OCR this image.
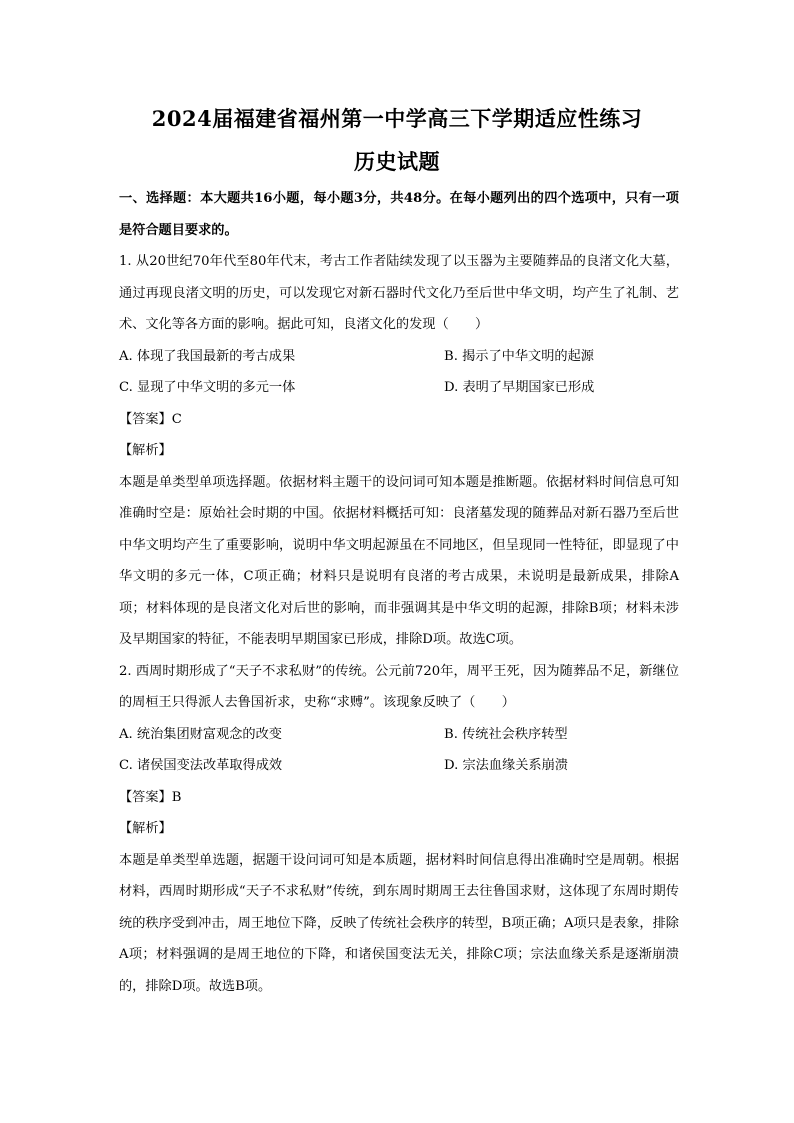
2024届福建省福州第一中学高三下学期适应性练习
历史试题

一、选择题：本大题共16小题，每小题3分，共48分。在每小题列出的四个选项中，只有一项是符合题目要求的。

1. 从20世纪70年代至80年代末，考古工作者陆续发现了以玉器为主要随葬品的良渚文化大墓，通过再现良渚文明的历史，可以发现它对新石器时代文化乃至后世中华文明，均产生了礼制、艺术、文化等各方面的影响。据此可知，良渚文化的发现（　　）

A. 体现了我国最新的考古成果	B. 揭示了中华文明的起源
C. 显现了中华文明的多元一体	D. 表明了早期国家已形成

【答案】C

【解析】

本题是单类型单项选择题。依据材料主题干的设问词可知本题是推断题。依据材料时间信息可知准确时空是：原始社会时期的中国。依据材料概括可知：良渚墓发现的随葬品对新石器乃至后世中华文明均产生了重要影响，说明中华文明起源虽在不同地区，但呈现同一性特征，即显现了中华文明的多元一体，C项正确；材料只是说明有良渚的考古成果，未说明是最新成果，排除A项；材料体现的是良渚文化对后世的影响，而非强调其是中华文明的起源，排除B项；材料未涉及早期国家的特征，不能表明早期国家已形成，排除D项。故选C项。

2. 西周时期形成了“天子不求私财”的传统。公元前720年，周平王死，因为随葬品不足，新继位的周桓王只得派人去鲁国祈求，史称“求赙”。该现象反映了（　　）

A. 统治集团财富观念的改变	B. 传统社会秩序转型
C. 诸侯国变法改革取得成效	D. 宗法血缘关系崩溃

【答案】B

【解析】

本题是单类型单选题，据题干设问词可知是本质题，据材料时间信息得出准确时空是周朝。根据材料，西周时期形成“天子不求私财”传统，到东周时期周王去往鲁国求财，这体现了东周时期传统的秩序受到冲击，周王地位下降，反映了传统社会秩序的转型，B项正确；A项只是表象，排除A项；材料强调的是周王地位的下降，和诸侯国变法无关，排除C项；宗法血缘关系是逐渐崩溃的，排除D项。故选B项。
